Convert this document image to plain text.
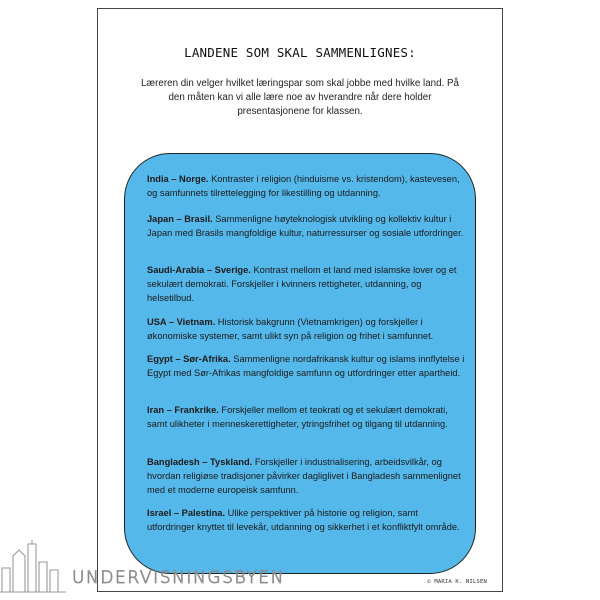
LANDENE SOM SKAL SAMMENLIGNES:
Læreren din velger hvilket læringspar som skal jobbe med hvilke land. På den måten kan vi alle lære noe av hverandre når dere holder presentasjonene for klassen.
India – Norge. Kontraster i religion (hinduisme vs. kristendom), kastevesen, og samfunnets tilrettelegging for likestilling og utdanning.
Japan – Brasil. Sammenligne høyteknologisk utvikling og kollektiv kultur i Japan med Brasils mangfoldige kultur, naturressurser og sosiale utfordringer.
Saudi-Arabia – Sverige. Kontrast mellom et land med islamske lover og et sekulært demokrati. Forskjeller i kvinners rettigheter, utdanning, og helsetilbud.
USA – Vietnam. Historisk bakgrunn (Vietnamkrigen) og forskjeller i økonomiske systemer, samt ulikt syn på religion og frihet i samfunnet.
Egypt – Sør-Afrika. Sammenligne nordafrikansk kultur og islams innflytelse i Egypt med Sør-Afrikas mangfoldige samfunn og utfordringer etter apartheid.
Iran – Frankrike. Forskjeller mellom et teokrati og et sekulært demokrati, samt ulikheter i menneskerettigheter, ytringsfrihet og tilgang til utdanning.
Bangladesh – Tyskland. Forskjeller i industrialisering, arbeidsvilkår, og hvordan religiøse tradisjoner påvirker dagliglivet i Bangladesh sammenlignet med et moderne europeisk samfunn.
Israel – Palestina. Ulike perspektiver på historie og religion, samt utfordringer knyttet til levekår, utdanning og sikkerhet i et konfliktfylt område.
© MARIA K. NILSEN
UNDERVISNINGSBYEN
